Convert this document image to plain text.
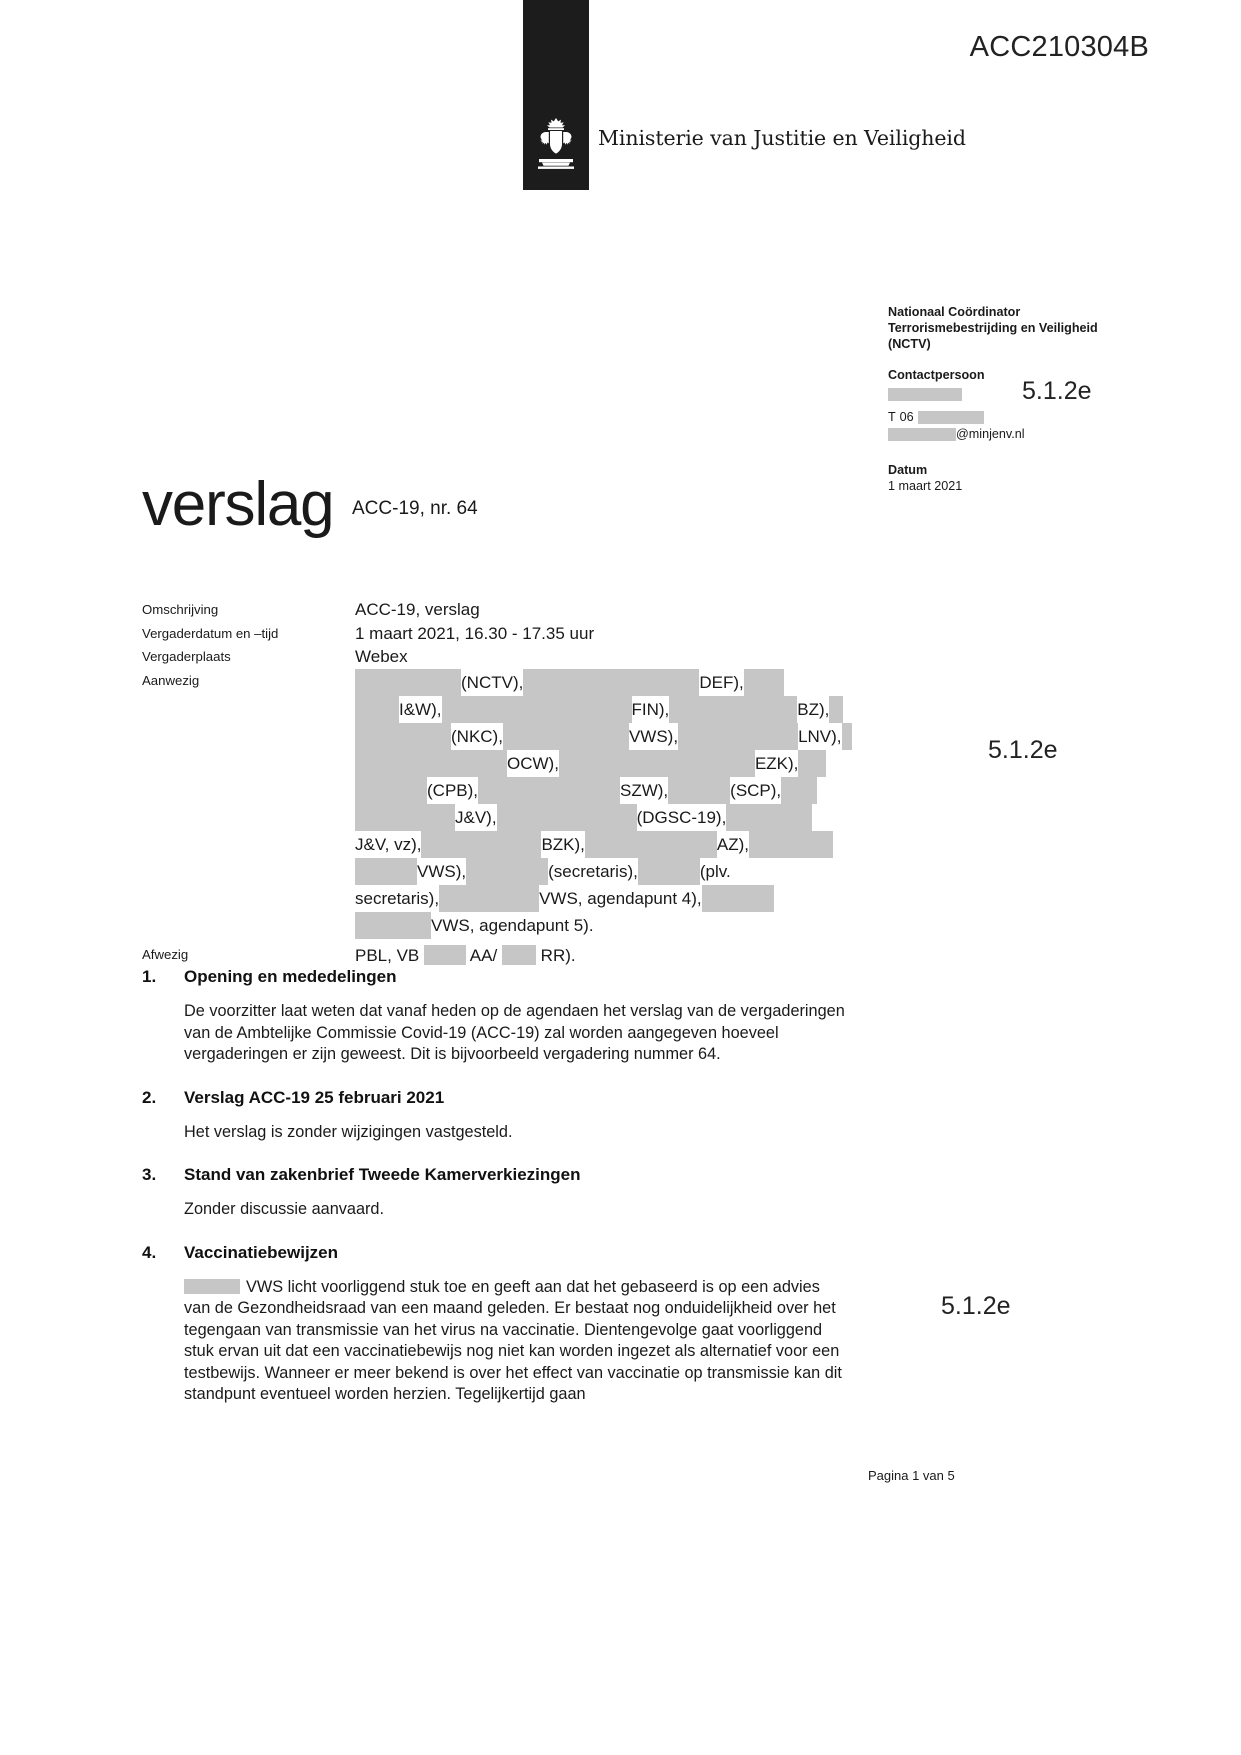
Ministerie van Justitie en Veiligheid
ACC210304B

Nationaal Coördinator Terrorismebestrijding en Veiligheid (NCTV)

Contactpersoon

T 06
@minjenv.nl

Datum

1 maart 2021

5.1.2e
5.1.2e
5.1.2e
verslag ACC-19, nr. 64
Omschrijving	ACC-19, verslag
Vergaderdatum en –tijd	1 maart 2021, 16.30 - 17.35 uur
Vergaderplaats	Webex
Aanwezig	(NCTV),	DEF),
I&W),	FIN),	BZ),
(NKC),	VWS),	LNV),
OCW),	EZK),
(CPB),	SZW),	(SCP),
J&V),	(DGSC-19),
J&V, vz),	BZK),	AZ),
VWS),	(secretaris),	(plv.
secretaris),	VWS, agendapunt 4),
VWS, agendapunt 5).
Afwezig	PBL, VB	AA/	RR).
1.	Opening en mededelingen
De voorzitter laat weten dat vanaf heden op de agendaen het verslag van de vergaderingen van de Ambtelijke Commissie Covid-19 (ACC-19) zal worden aangegeven hoeveel vergaderingen er zijn geweest. Dit is bijvoorbeeld vergadering nummer 64.
2.	Verslag ACC-19 25 februari 2021
Het verslag is zonder wijzigingen vastgesteld.
3.	Stand van zakenbrief Tweede Kamerverkiezingen
Zonder discussie aanvaard.
4.	Vaccinatiebewijzen
VWS licht voorliggend stuk toe en geeft aan dat het gebaseerd is op een advies van de Gezondheidsraad van een maand geleden. Er bestaat nog onduidelijkheid over het tegengaan van transmissie van het virus na vaccinatie. Dientengevolge gaat voorliggend stuk ervan uit dat een vaccinatiebewijs nog niet kan worden ingezet als alternatief voor een testbewijs. Wanneer er meer bekend is over het effect van vaccinatie op transmissie kan dit standpunt eventueel worden herzien. Tegelijkertijd gaan
Pagina 1 van 5
